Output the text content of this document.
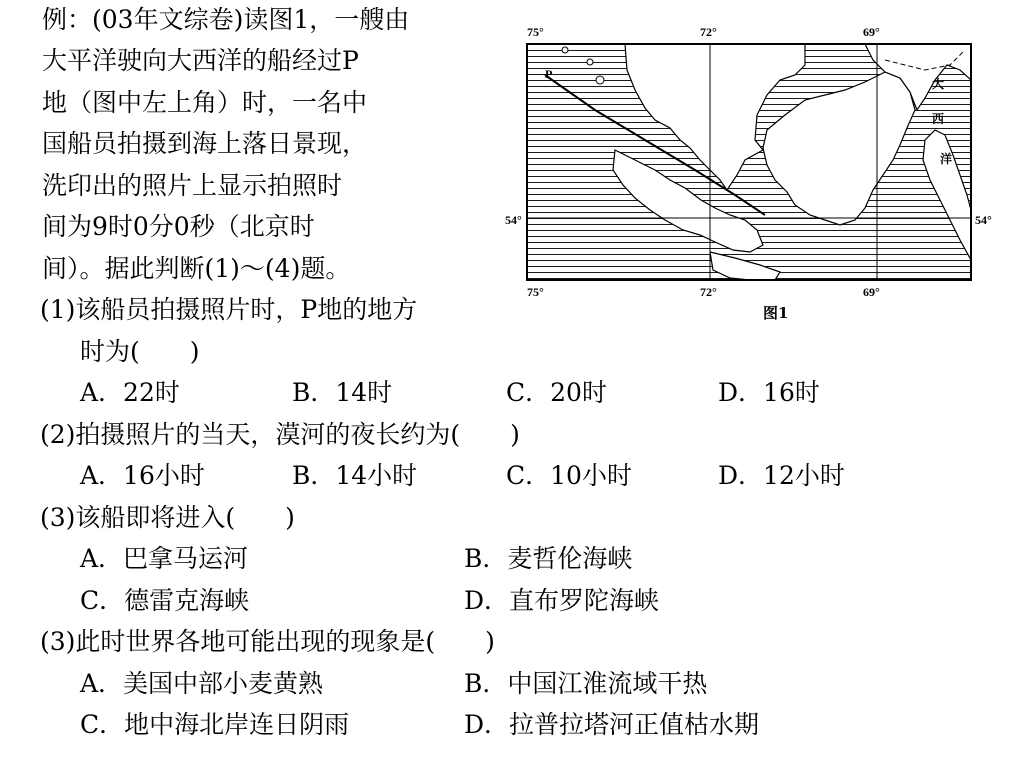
例：(03年文综卷)读图1，一艘由
大平洋驶向大西洋的船经过P
地（图中左上角）时，一名中
国船员拍摄到海上落日景现，
洗印出的照片上显示拍照时
间为9时0分0秒（北京时
间）。据此判断(1)～(4)题。
(1)该船员拍摄照片时，P地的地方
时为(　　)
A．22时	B．14时	C．20时	D．16时
(2)拍摄照片的当天，漠河的夜长约为(　　)
A．16小时	B．14小时	C．10小时	D．12小时
(3)该船即将进入(　　)
A．巴拿马运河	B．麦哲伦海峡
C．德雷克海峡	D．直布罗陀海峡
(3)此时世界各地可能出现的现象是(　　)
A．美国中部小麦黄熟	B．中国江淮流域干热
C．地中海北岸连日阴雨	D．拉普拉塔河正值枯水期
75°	72°	69°
75°	72°	69°
54°	54°
P
大
西
洋
图1
